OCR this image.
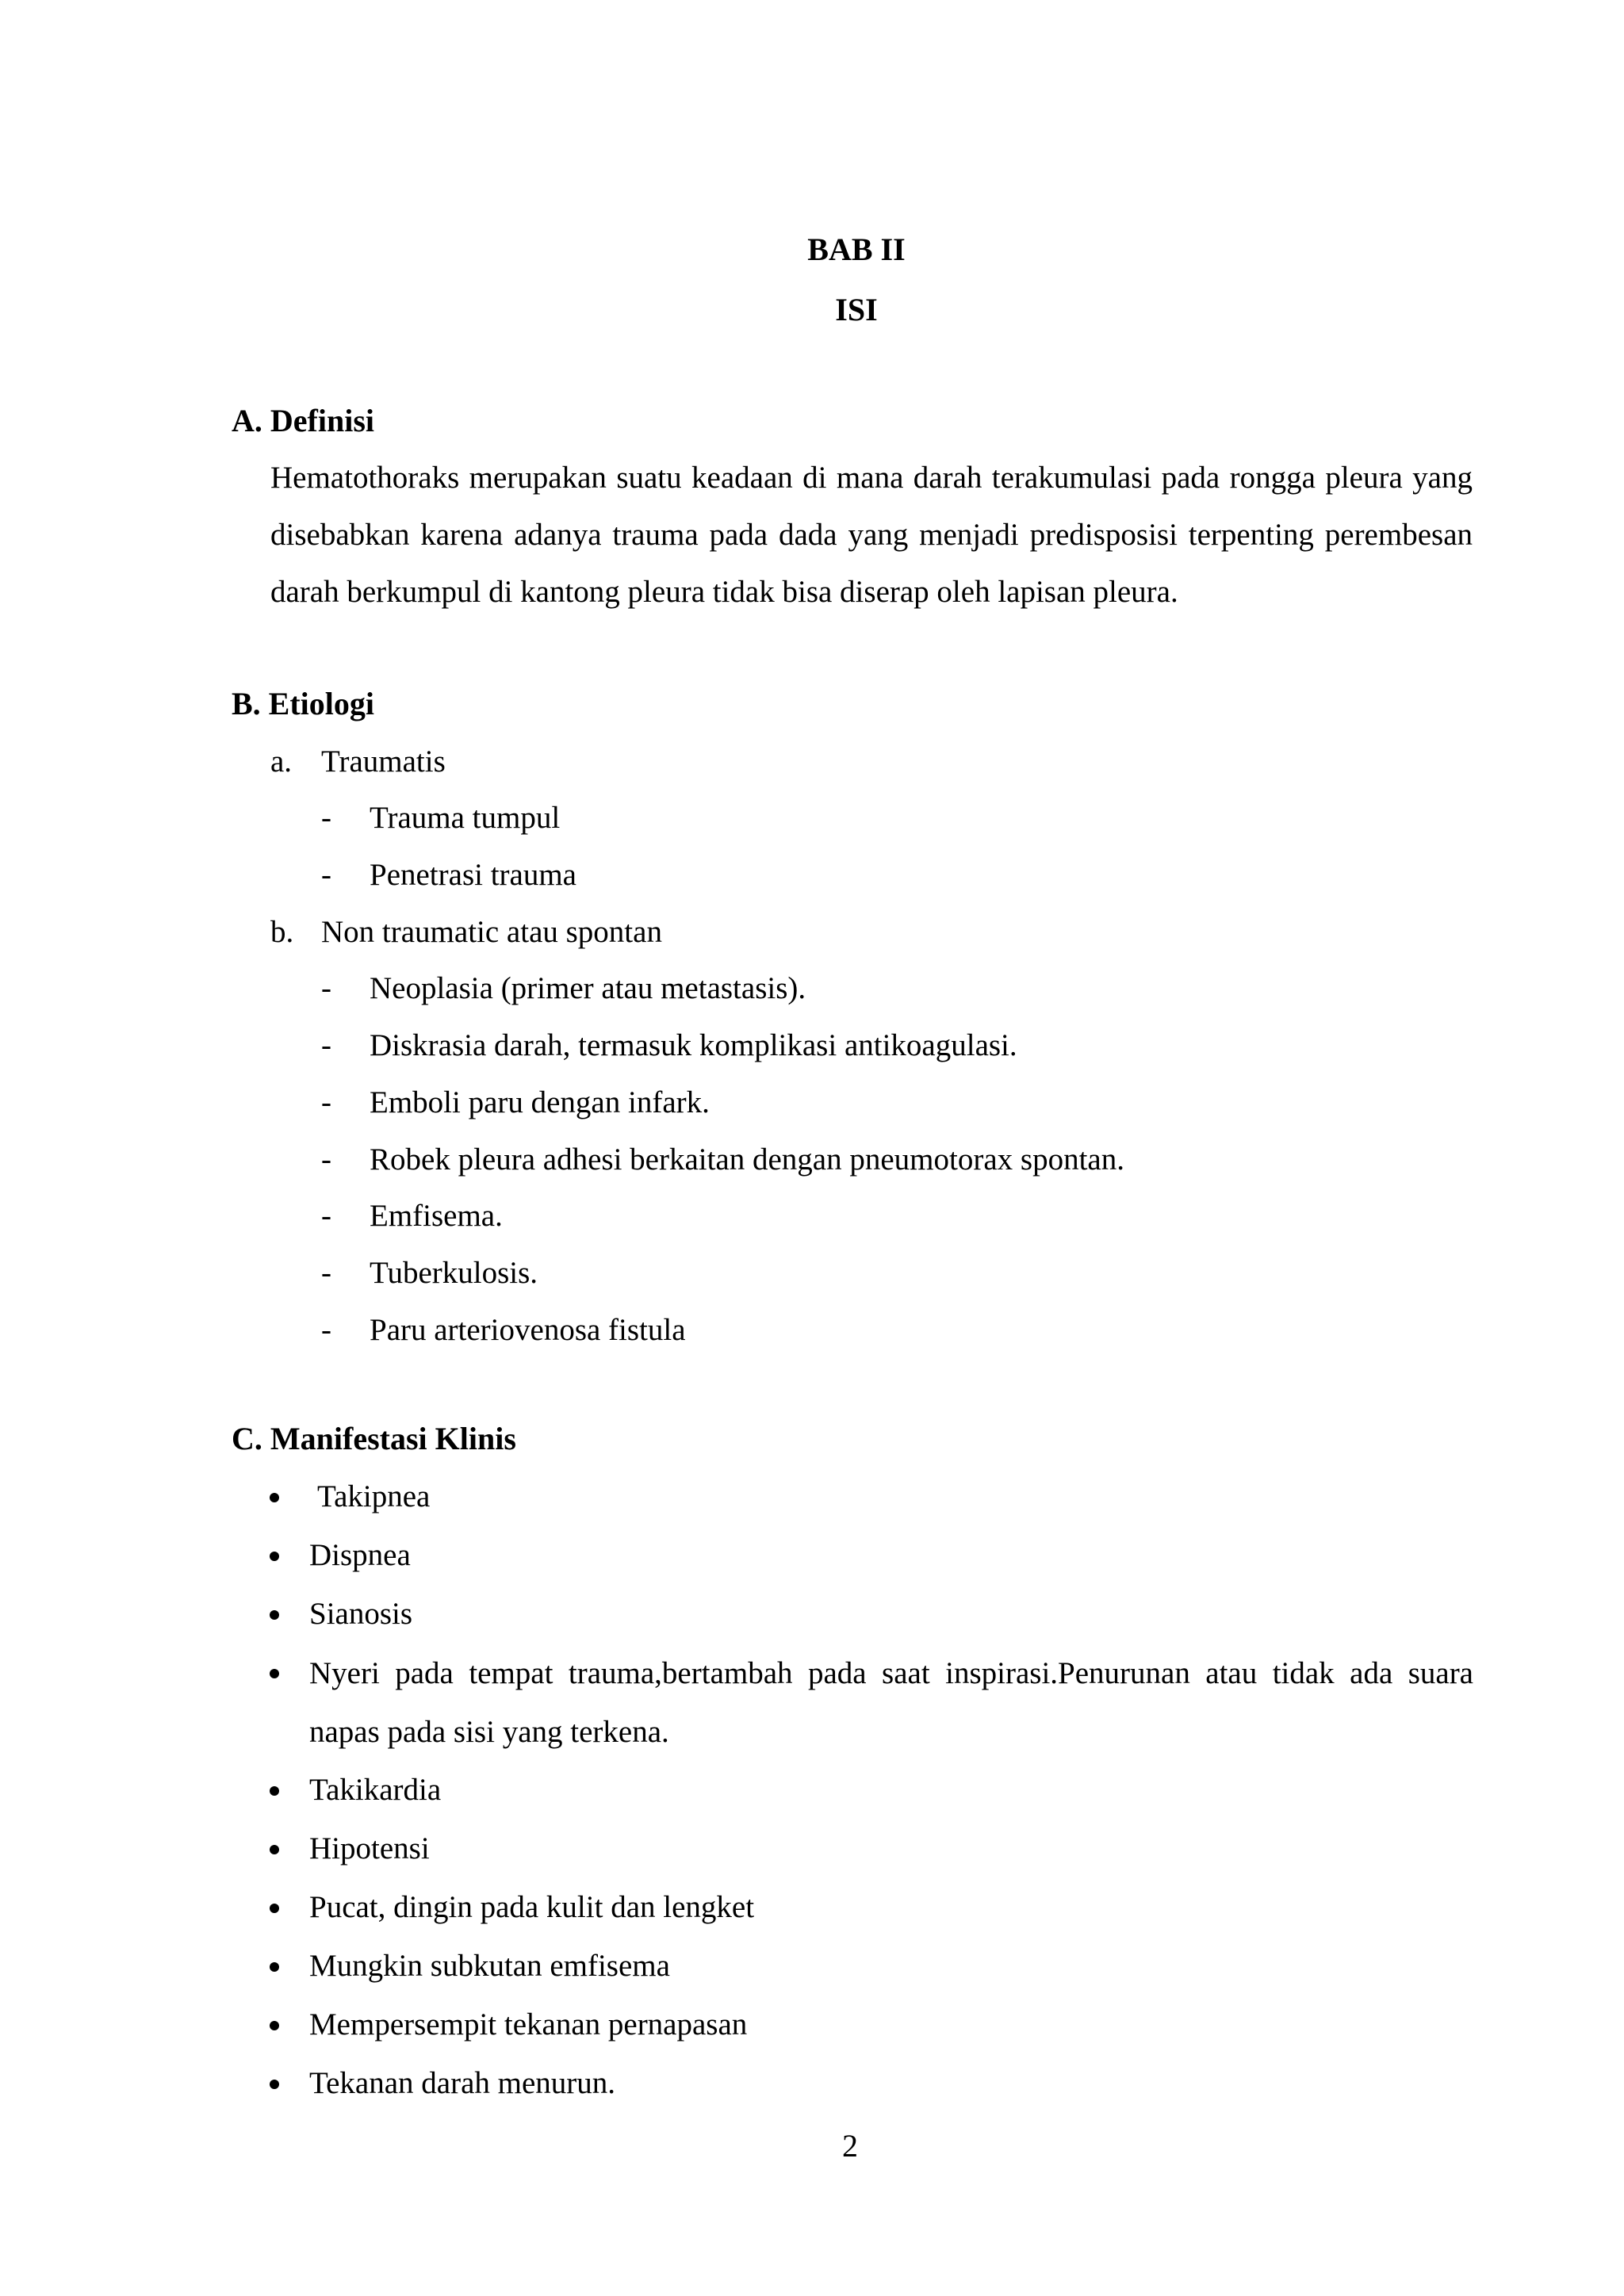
BAB II
ISI
A. Definisi
Hematothoraks merupakan suatu keadaan di mana darah terakumulasi pada rongga pleura yang disebabkan karena adanya trauma pada dada yang menjadi predisposisi terpenting perembesan darah berkumpul di kantong pleura tidak bisa diserap oleh lapisan pleura.
B. Etiologi
a. Traumatis
- Trauma tumpul
- Penetrasi trauma
b. Non traumatic atau spontan
- Neoplasia (primer atau metastasis).
- Diskrasia darah, termasuk komplikasi antikoagulasi.
- Emboli paru dengan infark.
- Robek pleura adhesi berkaitan dengan pneumotorax spontan.
- Emfisema.
- Tuberkulosis.
- Paru arteriovenosa fistula
C. Manifestasi Klinis
Takipnea
Dispnea
Sianosis
Nyeri pada tempat trauma,bertambah pada saat inspirasi.Penurunan atau tidak ada suara napas pada sisi yang terkena.
Takikardia
Hipotensi
Pucat, dingin pada kulit dan lengket
Mungkin subkutan emfisema
Mempersempit tekanan pernapasan
Tekanan darah menurun.
2
